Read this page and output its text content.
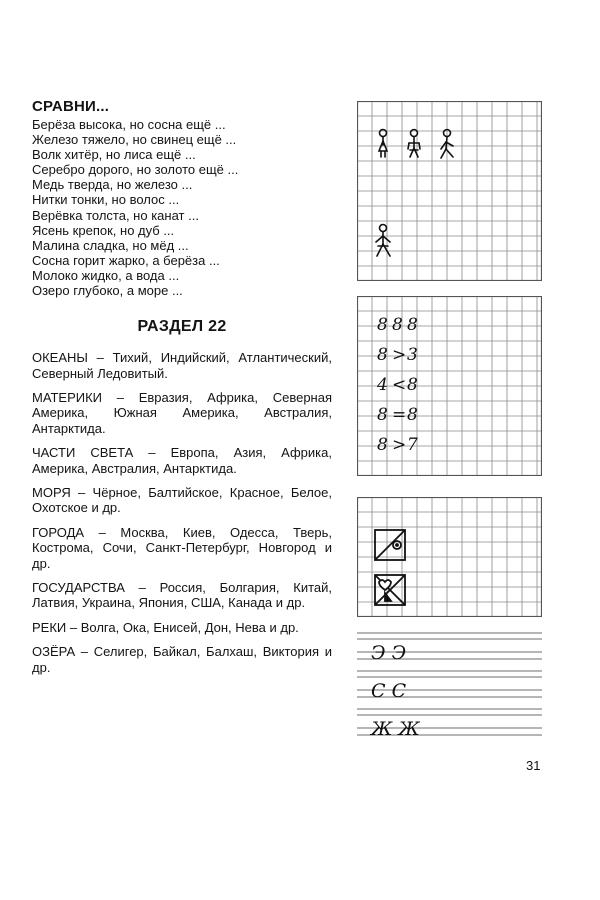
СРАВНИ...
Берёза высока, но сосна ещё ...
Железо тяжело, но свинец ещё ...
Волк хитёр, но лиса ещё ...
Серебро дорого, но золото ещё ...
Медь тверда, но железо ...
Нитки тонки, но волос ...
Верёвка толста, но канат ...
Ясень крепок, но дуб ...
Малина сладка, но мёд ...
Сосна горит жарко, а берёза ...
Молоко жидко, а вода ...
Озеро глубоко, а море ...
РАЗДЕЛ 22

ОКЕАНЫ – Тихий, Индийский, Атлантический, Северный Ледовитый.

МАТЕРИКИ – Евразия, Африка, Северная Америка, Южная Америка, Австралия, Антарктида.

ЧАСТИ СВЕТА – Европа, Азия, Африка, Америка, Австралия, Антарктида.

МОРЯ – Чёрное, Балтийское, Красное, Белое, Охотское и др.

ГОРОДА – Москва, Киев, Одесса, Тверь, Кострома, Сочи, Санкт-Петербург, Новгород и др.

ГОСУДАРСТВА – Россия, Болгария, Китай, Латвия, Украина, Япония, США, Канада и др.

РЕКИ – Волга, Ока, Енисей, Дон, Нева и др.

ОЗЁРА – Селигер, Байкал, Балхаш, Виктория и др.

8 8 8
8 > 3
4 < 8
8 = 8
8 > 7
Э Э
С С
Ж Ж
31
